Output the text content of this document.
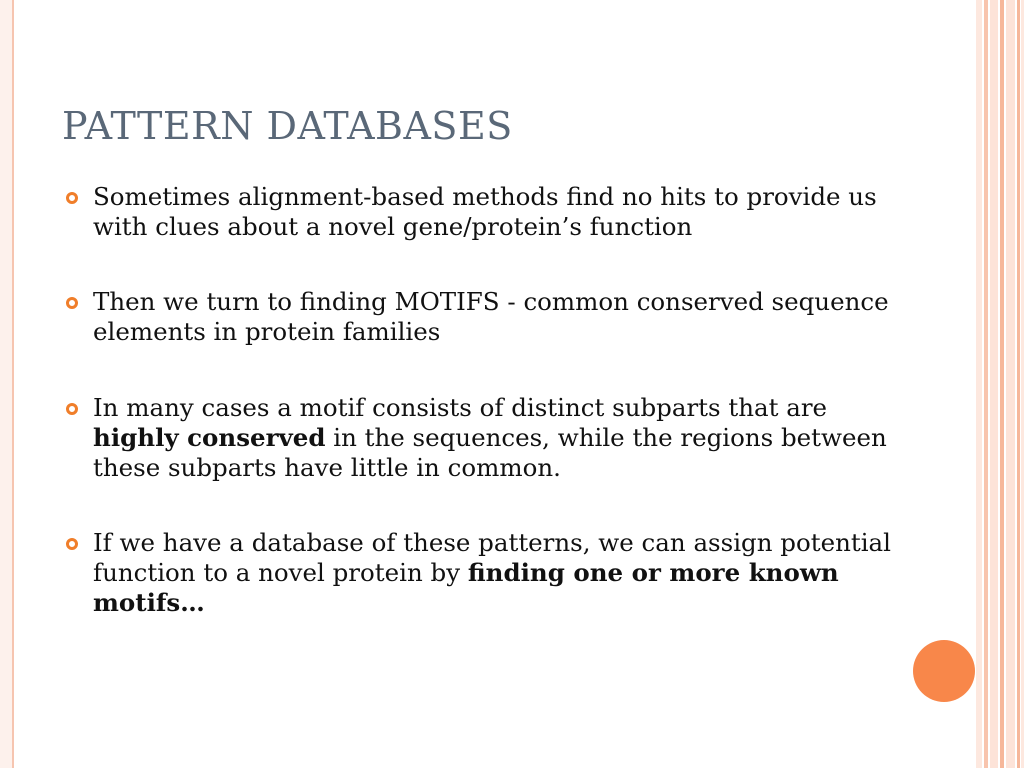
PATTERN DATABASES
Sometimes alignment-based methods find no hits to provide us with clues about a novel gene/protein’s function
Then we turn to finding MOTIFS - common conserved sequence elements in protein families
In many cases a motif consists of distinct subparts that are highly conserved in the sequences, while the regions between these subparts have little in common.
If we have a database of these patterns, we can assign potential function to a novel protein by finding one or more known motifs…
